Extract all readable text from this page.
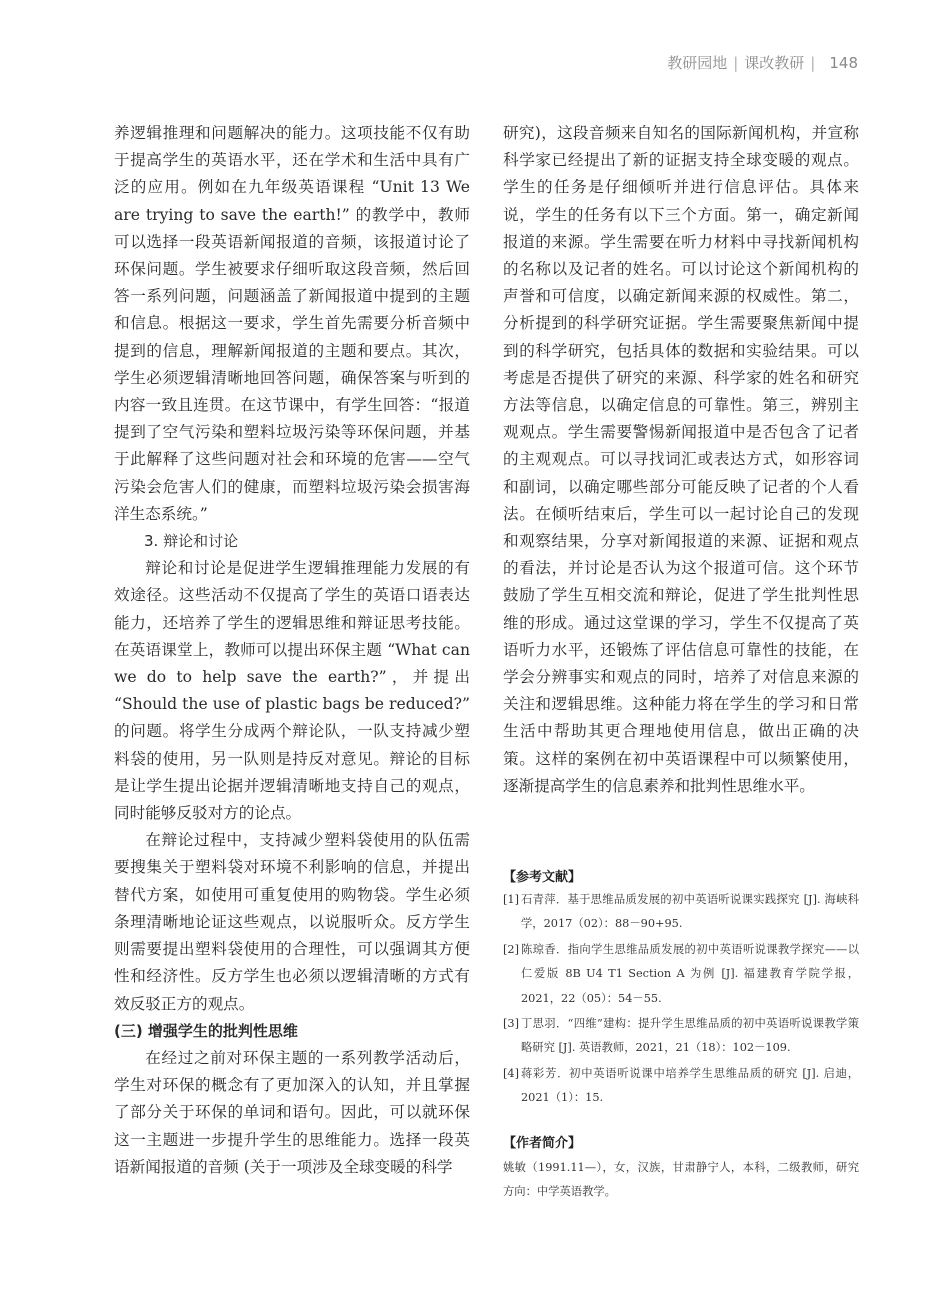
教研园地 | 课改教研 | 148

养逻辑推理和问题解决的能力。这项技能不仅有助于提高学生的英语水平，还在学术和生活中具有广泛的应用。例如在九年级英语课程 “Unit 13 We are trying to save the earth!” 的教学中，教师可以选择一段英语新闻报道的音频，该报道讨论了环保问题。学生被要求仔细听取这段音频，然后回答一系列问题，问题涵盖了新闻报道中提到的主题和信息。根据这一要求，学生首先需要分析音频中提到的信息，理解新闻报道的主题和要点。其次，学生必须逻辑清晰地回答问题，确保答案与听到的内容一致且连贯。在这节课中，有学生回答：“报道提到了空气污染和塑料垃圾污染等环保问题，并基于此解释了这些问题对社会和环境的危害——空气污染会危害人们的健康，而塑料垃圾污染会损害海洋生态系统。”

3. 辩论和讨论

辩论和讨论是促进学生逻辑推理能力发展的有效途径。这些活动不仅提高了学生的英语口语表达能力，还培养了学生的逻辑思维和辩证思考技能。在英语课堂上，教师可以提出环保主题 “What can we do to help save the earth?”，并提出 “Should the use of plastic bags be reduced?” 的问题。将学生分成两个辩论队，一队支持减少塑料袋的使用，另一队则是持反对意见。辩论的目标是让学生提出论据并逻辑清晰地支持自己的观点，同时能够反驳对方的论点。

在辩论过程中，支持减少塑料袋使用的队伍需要搜集关于塑料袋对环境不利影响的信息，并提出替代方案，如使用可重复使用的购物袋。学生必须条理清晰地论证这些观点，以说服听众。反方学生则需要提出塑料袋使用的合理性，可以强调其方便性和经济性。反方学生也必须以逻辑清晰的方式有效反驳正方的观点。

(三) 增强学生的批判性思维

在经过之前对环保主题的一系列教学活动后，学生对环保的概念有了更加深入的认知，并且掌握了部分关于环保的单词和语句。因此，可以就环保这一主题进一步提升学生的思维能力。选择一段英语新闻报道的音频 (关于一项涉及全球变暖的科学

研究)，这段音频来自知名的国际新闻机构，并宣称科学家已经提出了新的证据支持全球变暖的观点。学生的任务是仔细倾听并进行信息评估。具体来说，学生的任务有以下三个方面。第一，确定新闻报道的来源。学生需要在听力材料中寻找新闻机构的名称以及记者的姓名。可以讨论这个新闻机构的声誉和可信度，以确定新闻来源的权威性。第二，分析提到的科学研究证据。学生需要聚焦新闻中提到的科学研究，包括具体的数据和实验结果。可以考虑是否提供了研究的来源、科学家的姓名和研究方法等信息，以确定信息的可靠性。第三，辨别主观观点。学生需要警惕新闻报道中是否包含了记者的主观观点。可以寻找词汇或表达方式，如形容词和副词，以确定哪些部分可能反映了记者的个人看法。在倾听结束后，学生可以一起讨论自己的发现和观察结果，分享对新闻报道的来源、证据和观点的看法，并讨论是否认为这个报道可信。这个环节鼓励了学生互相交流和辩论，促进了学生批判性思维的形成。通过这堂课的学习，学生不仅提高了英语听力水平，还锻炼了评估信息可靠性的技能，在学会分辨事实和观点的同时，培养了对信息来源的关注和逻辑思维。这种能力将在学生的学习和日常生活中帮助其更合理地使用信息，做出正确的决策。这样的案例在初中英语课程中可以频繁使用，逐渐提高学生的信息素养和批判性思维水平。

【参考文献】

[1] 石青萍．基于思维品质发展的初中英语听说课实践探究 [J]. 海峡科学，2017（02）：88－90+95.
[2] 陈琼香．指向学生思维品质发展的初中英语听说课教学探究——以仁爱版 8B U4 T1 Section A 为例 [J]. 福建教育学院学报，2021，22（05）：54－55.
[3] 丁思羽．“四维”建构：提升学生思维品质的初中英语听说课教学策略研究 [J]. 英语教师，2021，21（18）：102－109.
[4] 蒋彩芳．初中英语听说课中培养学生思维品质的研究 [J]. 启迪，2021（1）：15.

【作者简介】

姚敏（1991.11—），女，汉族，甘肃静宁人，本科，二级教师，研究方向：中学英语教学。
